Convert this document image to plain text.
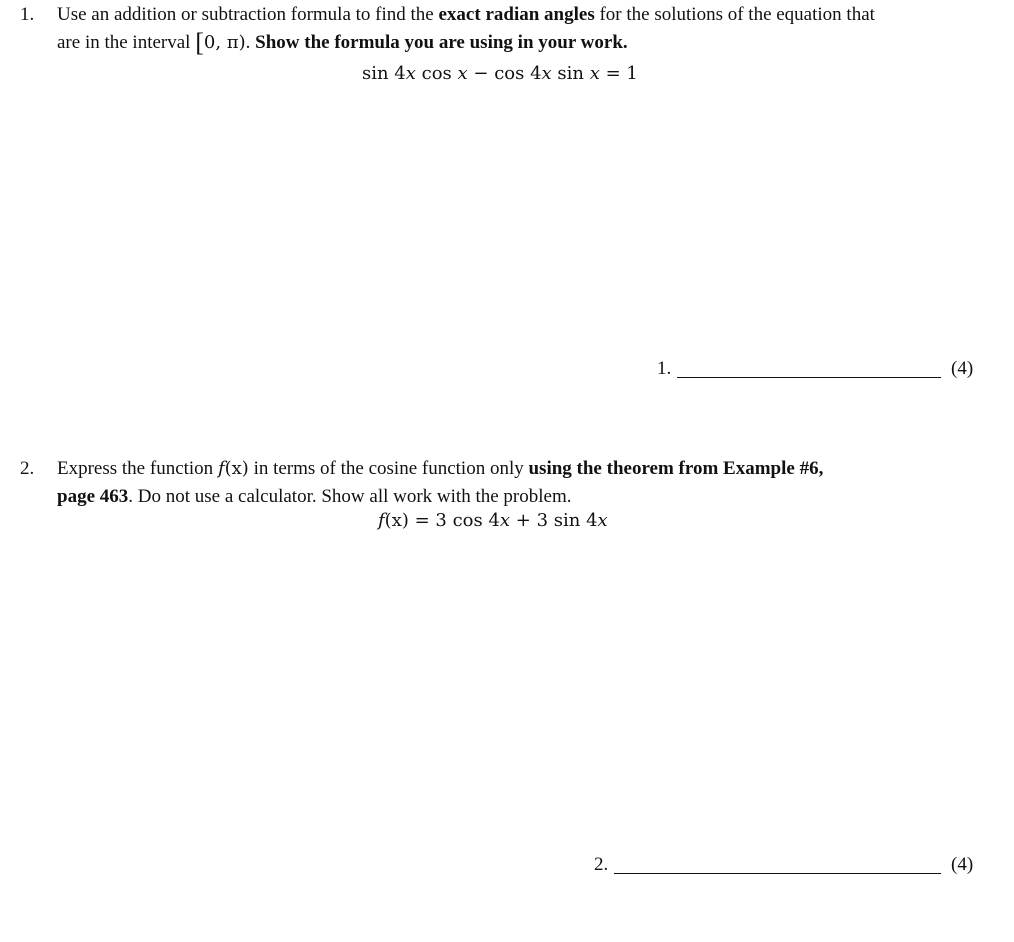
1. Use an addition or subtraction formula to find the exact radian angles for the solutions of the equation that
are in the interval [0, π). Show the formula you are using in your work.
sin 4x cos x − cos 4x sin x = 1
1.	(4)
2. Express the function f(x) in terms of the cosine function only using the theorem from Example #6,
page 463. Do not use a calculator. Show all work with the problem.
f(x) = 3 cos 4x + 3 sin 4x
2.	(4)
